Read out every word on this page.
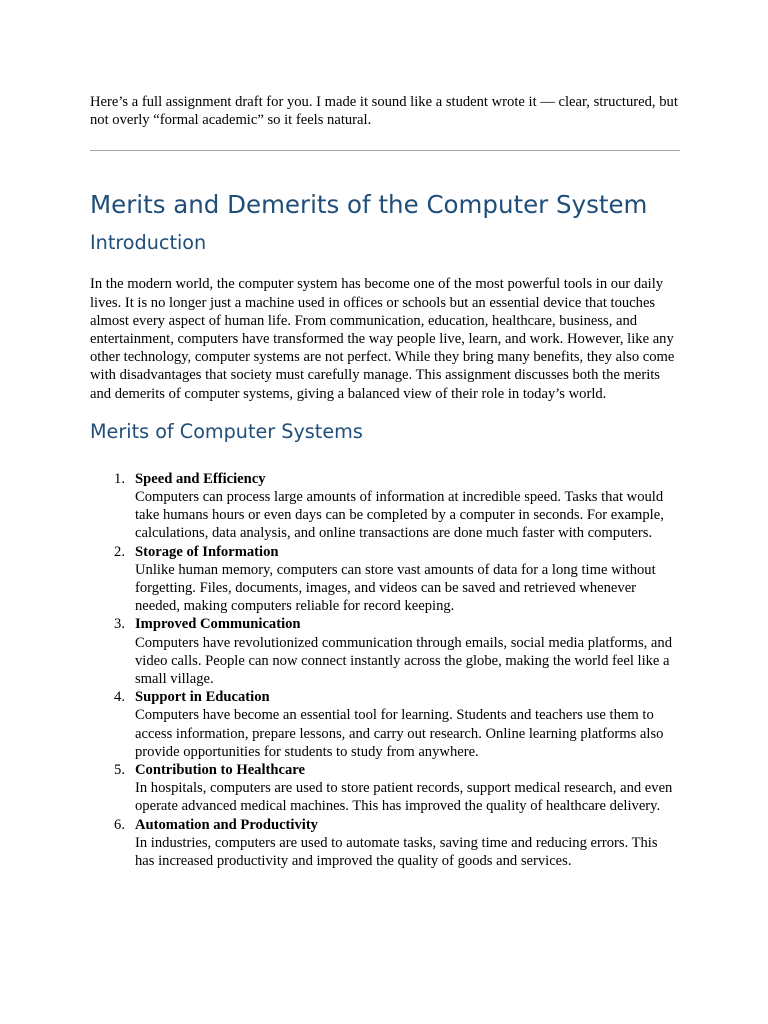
Here’s a full assignment draft for you. I made it sound like a student wrote it — clear, structured, but not overly “formal academic” so it feels natural.

Merits and Demerits of the Computer System
Introduction

In the modern world, the computer system has become one of the most powerful tools in our daily lives. It is no longer just a machine used in offices or schools but an essential device that touches almost every aspect of human life. From communication, education, healthcare, business, and entertainment, computers have transformed the way people live, learn, and work. However, like any other technology, computer systems are not perfect. While they bring many benefits, they also come with disadvantages that society must carefully manage. This assignment discusses both the merits and demerits of computer systems, giving a balanced view of their role in today’s world.

Merits of Computer Systems
1. Speed and Efficiency
Computers can process large amounts of information at incredible speed. Tasks that would take humans hours or even days can be completed by a computer in seconds. For example, calculations, data analysis, and online transactions are done much faster with computers.
2. Storage of Information
Unlike human memory, computers can store vast amounts of data for a long time without forgetting. Files, documents, images, and videos can be saved and retrieved whenever needed, making computers reliable for record keeping.
3. Improved Communication
Computers have revolutionized communication through emails, social media platforms, and video calls. People can now connect instantly across the globe, making the world feel like a small village.
4. Support in Education
Computers have become an essential tool for learning. Students and teachers use them to access information, prepare lessons, and carry out research. Online learning platforms also provide opportunities for students to study from anywhere.
5. Contribution to Healthcare
In hospitals, computers are used to store patient records, support medical research, and even operate advanced medical machines. This has improved the quality of healthcare delivery.
6. Automation and Productivity
In industries, computers are used to automate tasks, saving time and reducing errors. This has increased productivity and improved the quality of goods and services.
